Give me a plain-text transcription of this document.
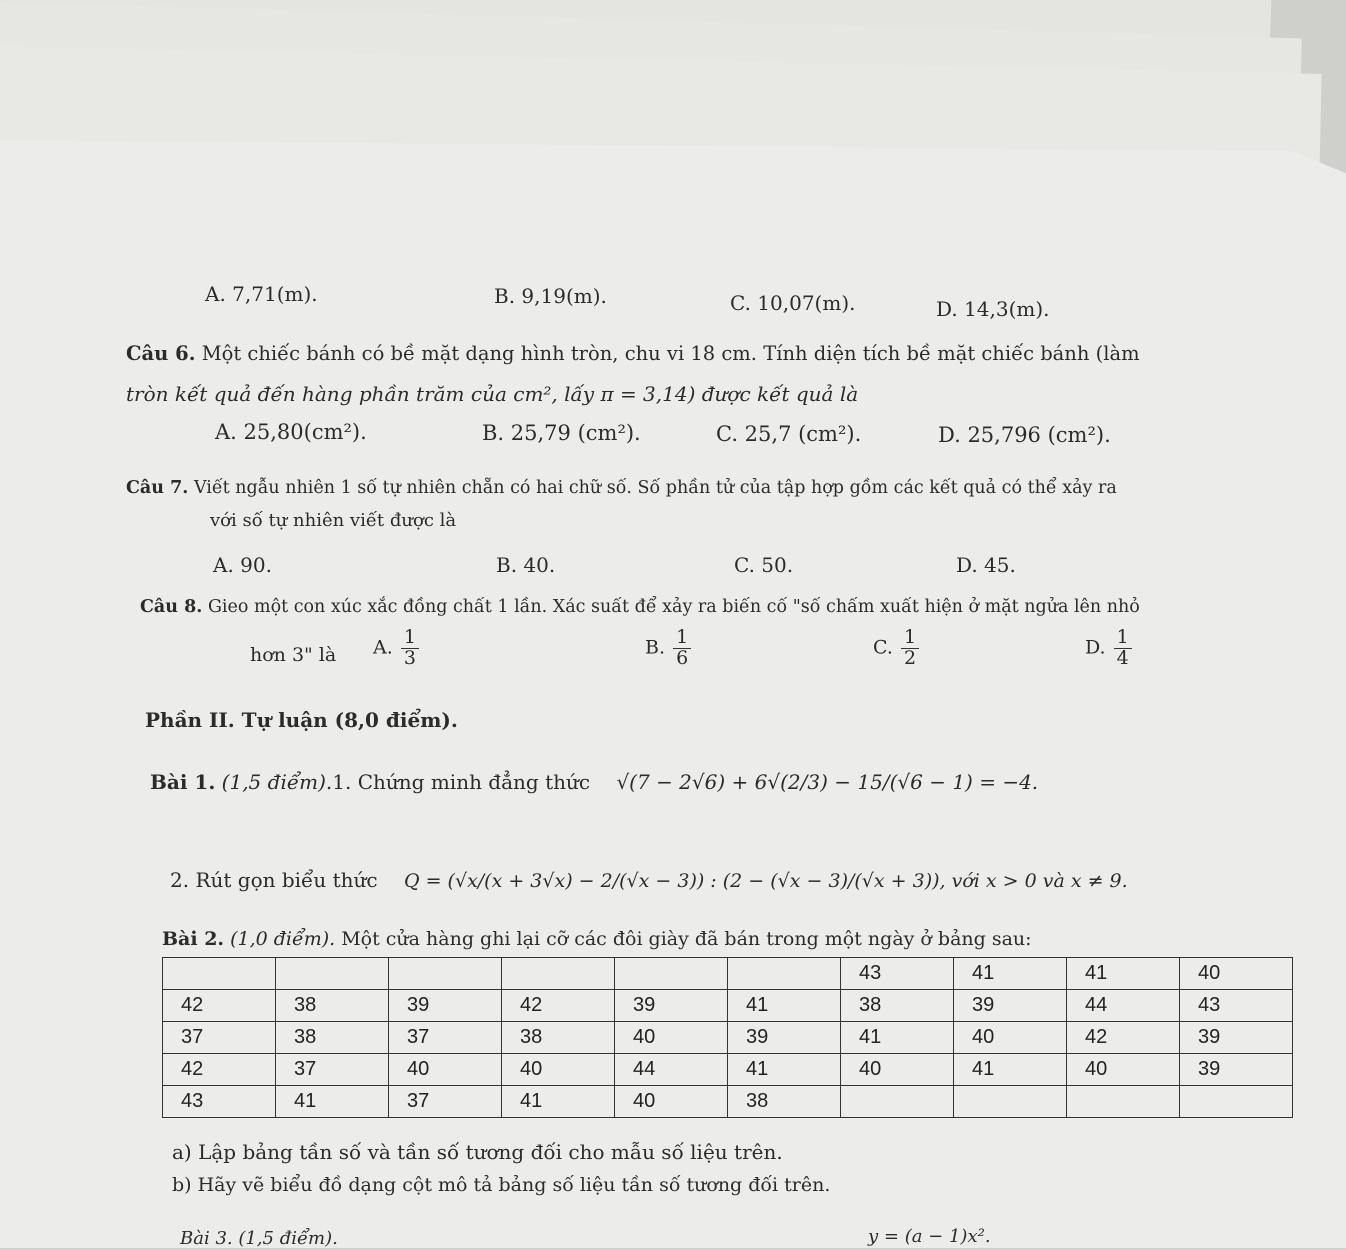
A. 7,71(m).	B. 9,19(m).	C. 10,07(m).	D. 14,3(m).
Câu 6. Một chiếc bánh có bề mặt dạng hình tròn, chu vi 18 cm. Tính diện tích bề mặt chiếc bánh (làm
tròn kết quả đến hàng phần trăm của cm², lấy π = 3,14) được kết quả là
A. 25,80(cm²).	B. 25,79 (cm²).	C. 25,7 (cm²).	D. 25,796 (cm²).
Câu 7. Viết ngẫu nhiên 1 số tự nhiên chẵn có hai chữ số. Số phần tử của tập hợp gồm các kết quả có thể xảy ra
với số tự nhiên viết được là
A. 90.	B. 40.	C. 50.	D. 45.
Câu 8. Gieo một con xúc xắc đồng chất 1 lần. Xác suất để xảy ra biến cố "số chấm xuất hiện ở mặt ngửa lên nhỏ
hơn 3" là A. $\frac{1}{3}$	B. $\frac{1}{6}$	C. $\frac{1}{2}$	D. $\frac{1}{4}$
Phần II. Tự luận (8,0 điểm).
Bài 1. (1,5 điểm).1. Chứng minh đẳng thức √(7 − 2√6) + 6√(2/3) − 15/(√6 − 1) = −4.
2. Rút gọn biểu thức Q = (√x/(x + 3√x) − 2/(√x − 3)) : (2 − (√x − 3)/(√x + 3)), với x > 0 và x ≠ 9.
Bài 2. (1,0 điểm). Một cửa hàng ghi lại cỡ các đôi giày đã bán trong một ngày ở bảng sau:
						43	41	41	40
42	38	39	42	39	41	38	39	44	43
37	38	37	38	40	39	41	40	42	39
42	37	40	40	44	41	40	41	40	39
43	41	37	41	40	38				
a) Lập bảng tần số và tần số tương đối cho mẫu số liệu trên.
b) Hãy vẽ biểu đồ dạng cột mô tả bảng số liệu tần số tương đối trên.
Bài 3. (1,5 điểm).	y = (a − 1)x².
